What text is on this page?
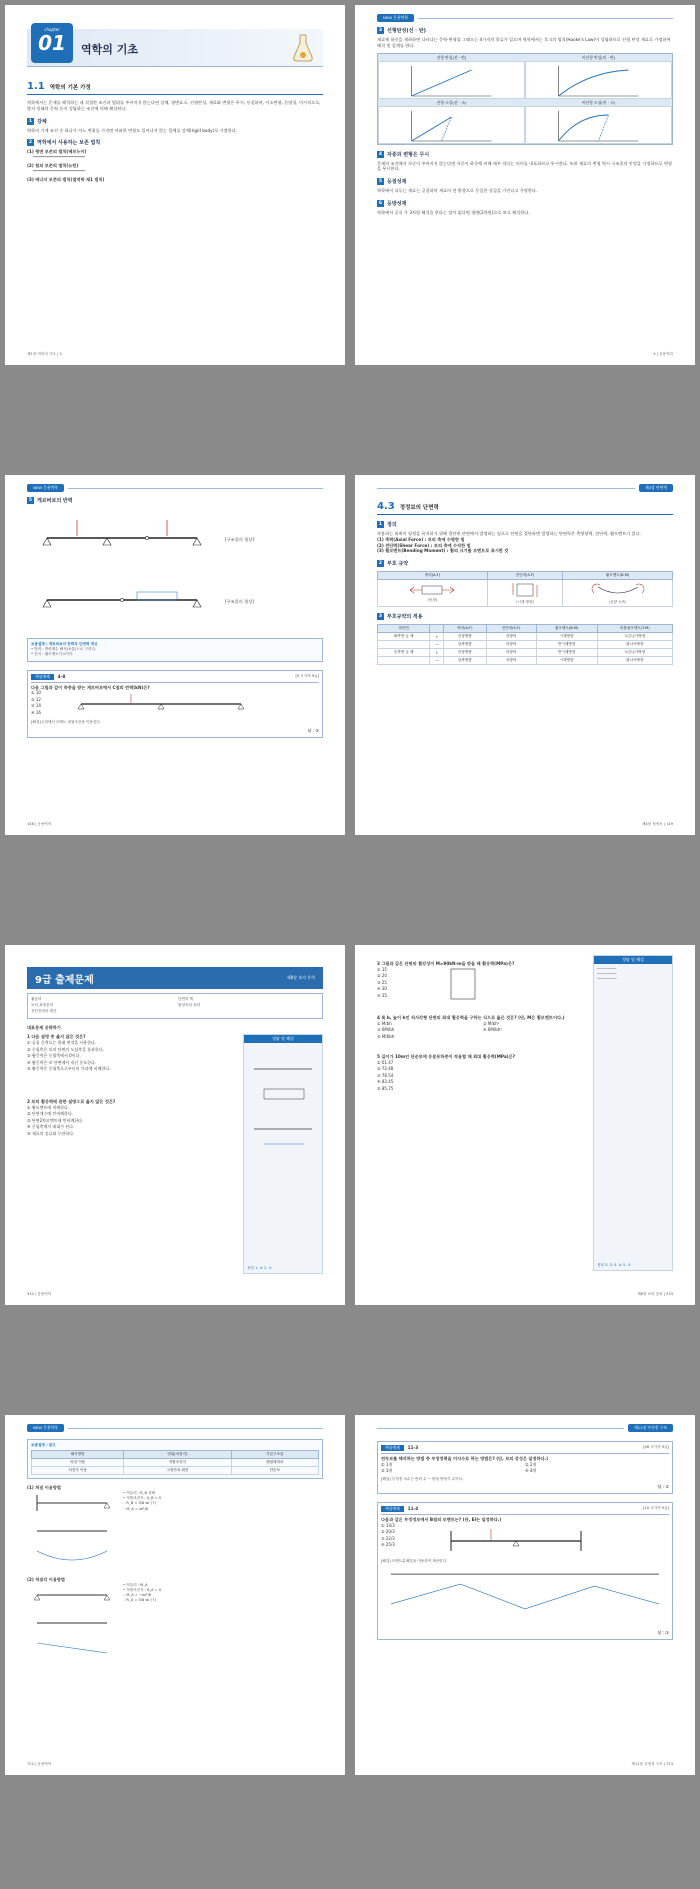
chapter
01	역학의 기초
1.1 역학의 기본 가정

역학에서는 문제를 해석하는 데 적절한 조건과 범위를 주어지지 않는다면 강체, 평면요소, 선형탄성, 재료와 변형은 무시, 등질하며, 이소변형, 등방성, 미시적으로, 방지 상태의 응력 등이 성립하는 조건에 의해 해석된다.

1 강체

역학의 기계 조건 중 하나가 어느 변위를 가지면 어떠한 변형도 일어나지 않는 물체를 강체(rigid body)로 가정한다.

2 역학에서 사용하는 보존 법칙

(1) 평면 보존의 법칙(베르누이)

━━━━━━━━━━━━━━━━━━━━━━━━

(2) 힘의 보존의 법칙(뉴턴)

━━━━━━━━━━━━━━━━━━━━━━━━

(3) 에너지 보존의 법칙(열역학 제1 법칙)

제1장 역학의 기초 | 3
NEW 응용역학
3 선형탄성(선 · 탄)

재료에 하중을 재하하면 나타나는 응력-변형률 그래프는 4가지의 종류가 있으며 역학에서는 후크의 법칙(Hooke's Law)이 성립하므로 선형 탄성 재료로 가정하여 해석 및 설계를 한다.

선형 탄성(선 · 탄)	비선형 탄성(비 · 탄)
선형 소성(선 · 소)	비선형 소성(비 · 소)
4 자중과 변형은 무시

문제의 조건에서 자중이 주어지지 않는다면 자중이 하중에 비해 매우 작다는 의미를 내포하므로 무시한다. 또한 재료의 변형 역시 구조물의 안정을 가정하므로 변형을 무시한다.

5 등질성재

역학에서 다루는 재료는 균질하며 재료의 전 방향으로 동일한 성질을 가진다고 가정한다.

6 등방성재

역학에서 공식 가 3차원 해석을 한다는 말이 없다면 평면(2차원)으로 보고 해석한다.

4 | 응용역학
NEW 응용역학
5 게르버보의 반력
[구조물의 형상]

[구조물의 형상]
보충설명 / 게르버보의 반력과 단면력 계산
• 반력 : 반력계수 해석(보통)으로 구한다.
• 힌지 : 휨모멘트가 0이다.
핵심예제	4-8	[9 국가직 9급]
다음 그림과 같이 하중을 받는 게르버보에서 C점의 반력(kN)은?
① 10
② 12
③ 14
④ 16
[해설] C점에서 모멘트 평형조건을 이용한다.
답 : ③
148 | 응용역학
제3장 단면력
4.3 정정보의 단면력
1 정의

작용하는 외력이 평형을 유지하기 위해 절단된 단면에서 발생하는 힘으로 단면을 절단하면 발생하는 단면력은 축방향력, 전단력, 휨모멘트가 있다.

(1) 축력(Axial Force) : 보의 축에 수평한 힘

(2) 전단력(Shear Force) : 보의 축에 수직한 힘

(3) 휨모멘트(Bending Moment) : 휨의 크기를 모멘트로 표시한 것

2 부호 규약
축력(A.F)	전단력(S.F)	휨모멘트(B.M)

(인장)	(시계 방향)	(상향 오목)
3 부호규약의 적용
절단면		축력(A.F)	전단력(S.F)	휨모멘트(B.M)	비틀림모멘트(T.M)
좌측면 등 제	+	인장방향	상향력	시계방향	오른나사방향
	−	압축방향	하향력	반시계방향	왼나사방향
우측면 등 제	+	인장방향	하향력	반시계방향	오른나사방향
	−	압축방향	상향력	시계방향	왼나사방향
제4장 정정보 | 149
9급 출제문제	제8장 보의 응력
휨응력	단면의 핵
보의 최대응력	합성보의 응력
전단응력의 계산
대표문제 공략하기
1 다음 설명 중 옳지 않은 것은?
① 공칭 응력도는 원래 면적을 사용한다.
② 중립축은 보의 단면의 도심축을 통과한다.
③ 휨응력은 중립축에서 0이다.
④ 휨응력은 보 단면에서 직선 분포한다.
⑤ 휨응력은 중립축으로부터의 거리에 비례한다.
2 보의 휨응력에 관한 설명으로 옳지 않은 것은?
① 휨모멘트에 비례한다.
② 단면계수에 반비례한다.
③ 단면2차모멘트에 반비례한다.
④ 중립축에서 최대가 된다.
⑤ 재료의 종류와 무관하다.
정답 및 해설
정답 1. ④ 2. ④
532 | 응용역학
3 그림과 같은 단면의 휨강성이 M=90kN·m을 받을 때 휨응력(MPa)은?
① 15
② 20
③ 25
④ 30
⑤ 35
4 폭 b, 높이 h인 직사각형 단면의 최대 휨응력을 구하는 식으로 옳은 것은? (단, M은 휨모멘트이다.)
① M/bh	② M/bh²
③ 6M/bh	④ 6M/bh²
⑤ M/6bh
5 길이가 10m인 단순보에 등분포하중이 작용할 때 최대 휨응력(MPa)은?
① 61.47
② 72.48
③ 78.54
④ 83.45
⑤ 85.75
정답 및 해설
─────────
─────────
─────────
정답 3. ② 4. ④ 5. ③
제8장 보의 응력 | 533
NEW 응용역학
보충설명 / 참고
해석방법	변위(처짐각)	기본구조물
처짐 이용	적합조건식	캔틸레버보
처짐각 이용	고정단의 회전	단순보
(1) 처짐 이용방법
• 여유력 : R_B 선택
• 적합조건식 : δ_B = 0
∴ R_B = 3/8 wl (↑)
∴ M_A = wl²/8
(2) 처짐각 이용방법
• 여유력 : M_A
• 적합조건식 : θ_A = 0
∴ M_A = −wl²/8
∴ R_A = 5/8 wl (↑)
722 | 응용역학
제11장 부정정 구조
핵심예제	11-3	[06 국가직 9급]
연속보를 해석하는 방법 중 부정정력을 미지수로 하는 방법은? (단, 보의 강성은 일정하다.)
① 1개	② 2개
③ 3개	④ 4개
[해설] 부정정 차수는 반력 수 − 평형 방정식 수이다.
답 : ②
핵심예제	11-4	[10 국가직 9급]
다음과 같은 부정정보에서 B점의 모멘트는? (단, EI는 일정하다.)
① 14/3
② 20/3
③ 22/3
④ 25/3
[해설] 모멘트분배법을 이용하여 계산한다.
답 : ①
제11장 부정정 구조 | 723
